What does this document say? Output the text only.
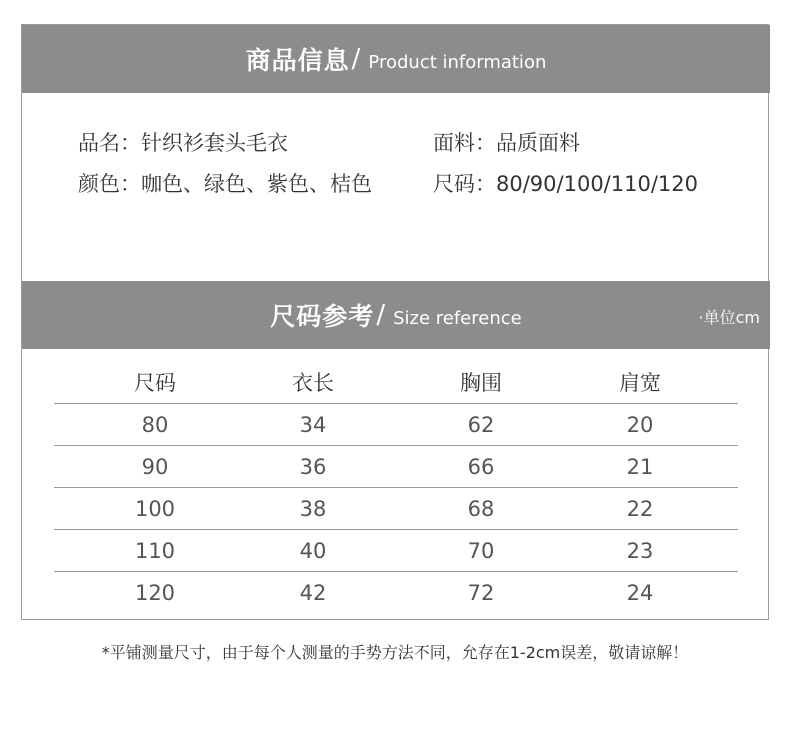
商品信息 / Product information
品名：针织衫套头毛衣	面料：品质面料
颜色：咖色、绿色、紫色、桔色	尺码：80/90/100/110/120
尺码参考 / Size reference	·单位cm
尺码	衣长	胸围	肩宽
80	34	62	20
90	36	66	21
100	38	68	22
110	40	70	23
120	42	72	24
*平铺测量尺寸，由于每个人测量的手势方法不同，允存在1-2cm误差，敬请谅解！
